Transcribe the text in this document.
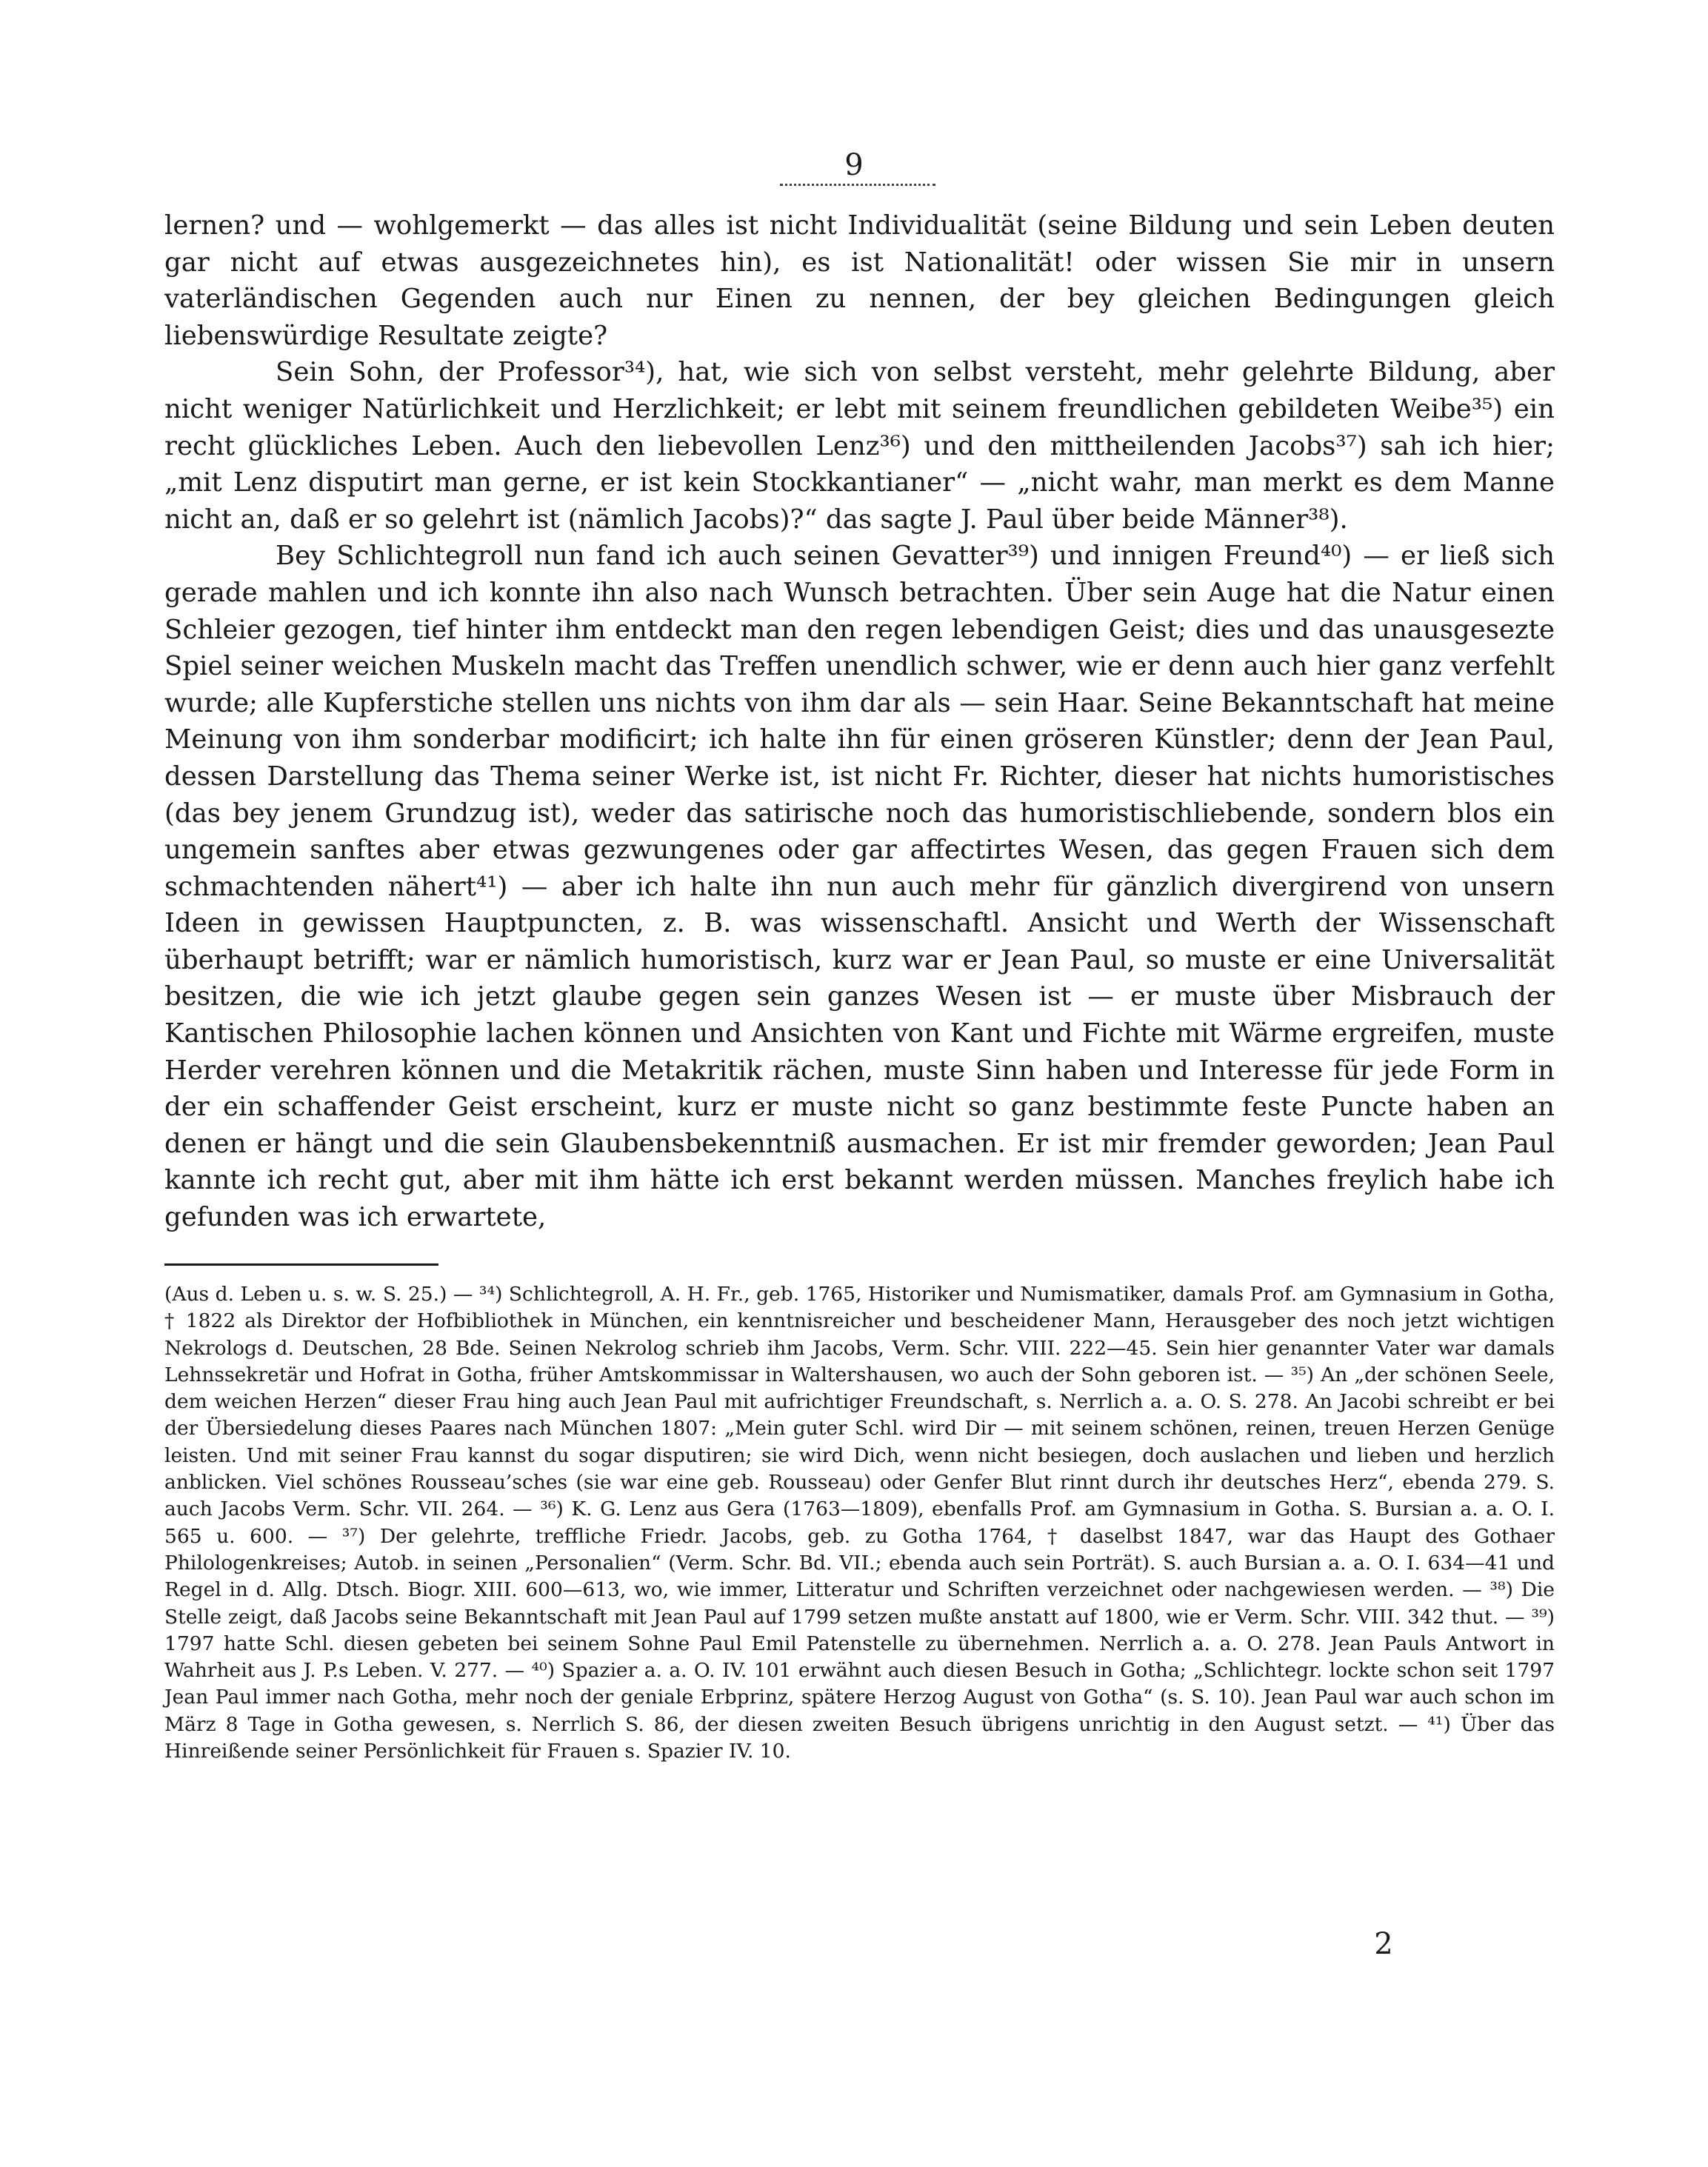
9

lernen? und — wohlgemerkt — das alles ist nicht Individualität (seine Bildung und sein Leben deuten gar nicht auf etwas ausgezeichnetes hin), es ist Nationalität! oder wissen Sie mir in unsern vaterländischen Gegenden auch nur Einen zu nennen, der bey gleichen Bedingungen gleich liebenswürdige Resultate zeigte?

Sein Sohn, der Professor³⁴), hat, wie sich von selbst versteht, mehr gelehrte Bildung, aber nicht weniger Natürlichkeit und Herzlichkeit; er lebt mit seinem freundlichen gebildeten Weibe³⁵) ein recht glückliches Leben. Auch den liebevollen Lenz³⁶) und den mittheilenden Jacobs³⁷) sah ich hier; „mit Lenz disputirt man gerne, er ist kein Stockkantianer“ — „nicht wahr, man merkt es dem Manne nicht an, daß er so gelehrt ist (nämlich Jacobs)?“ das sagte J. Paul über beide Männer³⁸).

Bey Schlichtegroll nun fand ich auch seinen Gevatter³⁹) und innigen Freund⁴⁰) — er ließ sich gerade mahlen und ich konnte ihn also nach Wunsch betrachten. Über sein Auge hat die Natur einen Schleier gezogen, tief hinter ihm entdeckt man den regen lebendigen Geist; dies und das unausgesezte Spiel seiner weichen Muskeln macht das Treffen unendlich schwer, wie er denn auch hier ganz verfehlt wurde; alle Kupferstiche stellen uns nichts von ihm dar als — sein Haar. Seine Bekanntschaft hat meine Meinung von ihm sonderbar modificirt; ich halte ihn für einen gröseren Künstler; denn der Jean Paul, dessen Darstellung das Thema seiner Werke ist, ist nicht Fr. Richter, dieser hat nichts humoristisches (das bey jenem Grundzug ist), weder das satirische noch das humoristischliebende, sondern blos ein ungemein sanftes aber etwas gezwungenes oder gar affectirtes Wesen, das gegen Frauen sich dem schmachtenden nähert⁴¹) — aber ich halte ihn nun auch mehr für gänzlich divergirend von unsern Ideen in gewissen Hauptpuncten, z. B. was wissenschaftl. Ansicht und Werth der Wissenschaft überhaupt betrifft; war er nämlich humoristisch, kurz war er Jean Paul, so muste er eine Universalität besitzen, die wie ich jetzt glaube gegen sein ganzes Wesen ist — er muste über Misbrauch der Kantischen Philosophie lachen können und Ansichten von Kant und Fichte mit Wärme ergreifen, muste Herder verehren können und die Metakritik rächen, muste Sinn haben und Interesse für jede Form in der ein schaffender Geist erscheint, kurz er muste nicht so ganz bestimmte feste Puncte haben an denen er hängt und die sein Glaubensbekenntniß ausmachen. Er ist mir fremder geworden; Jean Paul kannte ich recht gut, aber mit ihm hätte ich erst bekannt werden müssen. Manches freylich habe ich gefunden was ich erwartete,

(Aus d. Leben u. s. w. S. 25.) — ³⁴) Schlichtegroll, A. H. Fr., geb. 1765, Historiker und Numismatiker, damals Prof. am Gymnasium in Gotha, † 1822 als Direktor der Hofbibliothek in München, ein kenntnisreicher und bescheidener Mann, Herausgeber des noch jetzt wichtigen Nekrologs d. Deutschen, 28 Bde. Seinen Nekrolog schrieb ihm Jacobs, Verm. Schr. VIII. 222—45. Sein hier genannter Vater war damals Lehnssekretär und Hofrat in Gotha, früher Amtskommissar in Waltershausen, wo auch der Sohn geboren ist. — ³⁵) An „der schönen Seele, dem weichen Herzen“ dieser Frau hing auch Jean Paul mit aufrichtiger Freundschaft, s. Nerrlich a. a. O. S. 278. An Jacobi schreibt er bei der Übersiedelung dieses Paares nach München 1807: „Mein guter Schl. wird Dir — mit seinem schönen, reinen, treuen Herzen Genüge leisten. Und mit seiner Frau kannst du sogar disputiren; sie wird Dich, wenn nicht besiegen, doch auslachen und lieben und herzlich anblicken. Viel schönes Rousseau’sches (sie war eine geb. Rousseau) oder Genfer Blut rinnt durch ihr deutsches Herz“, ebenda 279. S. auch Jacobs Verm. Schr. VII. 264. — ³⁶) K. G. Lenz aus Gera (1763—1809), ebenfalls Prof. am Gymnasium in Gotha. S. Bursian a. a. O. I. 565 u. 600. — ³⁷) Der gelehrte, treffliche Friedr. Jacobs, geb. zu Gotha 1764, † daselbst 1847, war das Haupt des Gothaer Philologenkreises; Autob. in seinen „Personalien“ (Verm. Schr. Bd. VII.; ebenda auch sein Porträt). S. auch Bursian a. a. O. I. 634—41 und Regel in d. Allg. Dtsch. Biogr. XIII. 600—613, wo, wie immer, Litteratur und Schriften verzeichnet oder nachgewiesen werden. — ³⁸) Die Stelle zeigt, daß Jacobs seine Bekanntschaft mit Jean Paul auf 1799 setzen mußte anstatt auf 1800, wie er Verm. Schr. VIII. 342 thut. — ³⁹) 1797 hatte Schl. diesen gebeten bei seinem Sohne Paul Emil Patenstelle zu übernehmen. Nerrlich a. a. O. 278. Jean Pauls Antwort in Wahrheit aus J. P.s Leben. V. 277. — ⁴⁰) Spazier a. a. O. IV. 101 erwähnt auch diesen Besuch in Gotha; „Schlichtegr. lockte schon seit 1797 Jean Paul immer nach Gotha, mehr noch der geniale Erbprinz, spätere Herzog August von Gotha“ (s. S. 10). Jean Paul war auch schon im März 8 Tage in Gotha gewesen, s. Nerrlich S. 86, der diesen zweiten Besuch übrigens unrichtig in den August setzt. — ⁴¹) Über das Hinreißende seiner Persönlichkeit für Frauen s. Spazier IV. 10.

2
